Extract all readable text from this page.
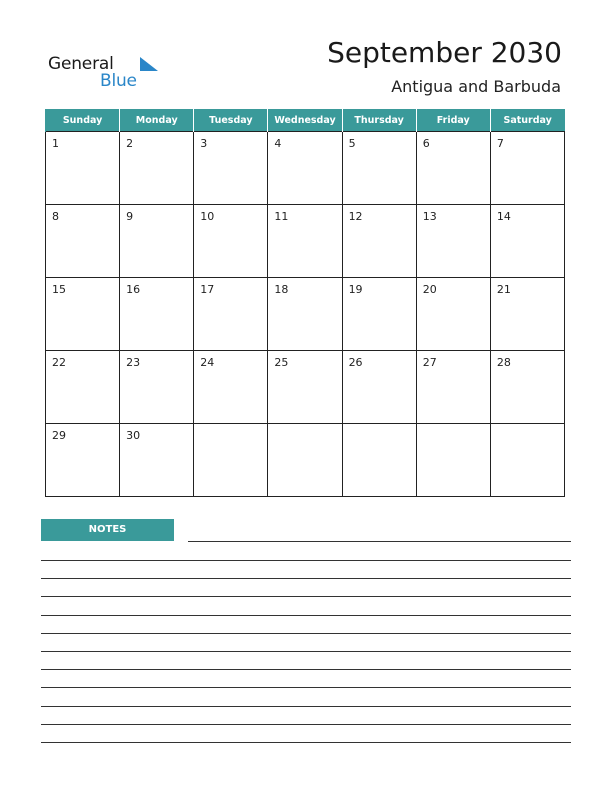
General
Blue
September 2030
Antigua and Barbuda
Sunday	Monday	Tuesday	Wednesday	Thursday	Friday	Saturday

1	2	3	4	5	6	7

8	9	10	11	12	13	14

15	16	17	18	19	20	21

22	23	24	25	26	27	28

29	30					

NOTES
